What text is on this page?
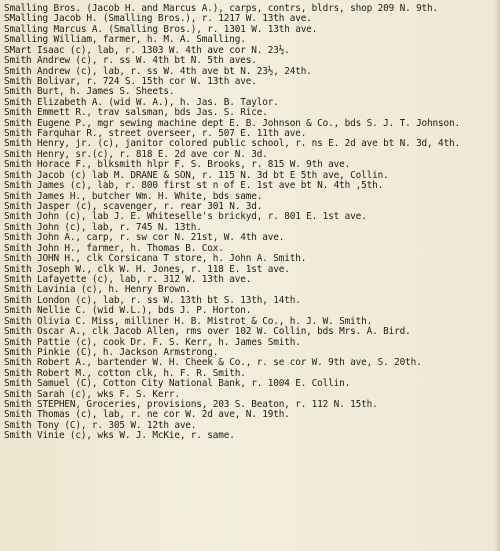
Smalling Bros. (Jacob H. and Marcus A.), carps, contrs, bldrs, shop 209 N. 9th.
SMalling Jacob H. (Smalling Bros.), r. 1217 W. 13th ave.
Smalling Marcus A. (Smalling Bros.), r. 1301 W. 13th ave.
Smalling William, farmer, h. M. A. Smalling.
SMart Isaac (c), lab, r. 1303 W. 4th ave cor N. 23½.
Smith Andrew (c), r. ss W. 4th bt N. 5th aves.
Smith Andrew (c), lab, r. ss W. 4th ave bt N. 23½, 24th.
Smith Bolivar, r. 724 S. 15th cor W. 13th ave.
Smith Burt, h. James S. Sheets.
Smith Elizabeth A. (wid W. A.), h. Jas. B. Taylor.
Smith Emmett R., trav salsman, bds Jas. S. Rice.
Smith Eugene P., mgr sewing machine dept E. B. Johnson & Co., bds S. J. T. Johnson.
Smith Farquhar R., street overseer, r. 507 E. 11th ave.
Smith Henry, jr. (c), janitor colored public school, r. ns E. 2d ave bt N. 3d, 4th.
Smith Henry, sr.(c), r. 818 E. 2d ave cor N. 3d.
Smith Horace F., blksmith hlpr F. S. Brooks, r. 815 W. 9th ave.
Smith Jacob (c) lab M. DRANE & SON, r. 115 N. 3d bt E 5th ave, Collin.
Smith James (c), lab, r. 800 first st n of E. 1st ave bt N. 4th ,5th.
Smith James H., butcher Wm. H. White, bds same.
Smith Jasper (c), scavenger, r. rear 301 N. 3d.
Smith John (c), lab J. E. Whiteselle's brickyd, r. 801 E. 1st ave.
Smith John (c), lab, r. 745 N. 13th.
Smith John A., carp, r. sw cor N. 21st, W. 4th ave.
Smith John H., farmer, h. Thomas B. Cox.
Smith JOHN H., clk Corsicana T store, h. John A. Smith.
Smith Joseph W., clk W. H. Jones, r. 118 E. 1st ave.
Smith Lafayette (c), lab, r. 312 W. 13th ave.
Smith Lavinia (c), h. Henry Brown.
Smith London (c), lab, r. ss W. 13th bt S. 13th, 14th.
Smith Nellie C. (wid W.L.), bds J. P. Horton.
Smith Olivia C. Miss, milliner H. B. Mistrot & Co., h. J. W. Smith.
Smith Oscar A., clk Jacob Allen, rms over 102 W. Collin, bds Mrs. A. Bird.
Smith Pattie (c), cook Dr. F. S. Kerr, h. James Smith.
Smith Pinkie (C), h. Jackson Armstrong.
Smith Robert A., bartender W. H. Cheek & Co., r. se cor W. 9th ave, S. 20th.
Smith Robert M., cotton clk, h. F. R. Smith.
Smith Samuel (C), Cotton City National Bank, r. 1004 E. Collin.
Smith Sarah (c), wks F. S. Kerr.
Smith STEPHEN, Groceries, provisions, 203 S. Beaton, r. 112 N. 15th.
Smith Thomas (c), lab, r. ne cor W. 2d ave, N. 19th.
Smith Tony (C), r. 305 W. 12th ave.
Smith Vinie (c), wks W. J. McKie, r. same.
